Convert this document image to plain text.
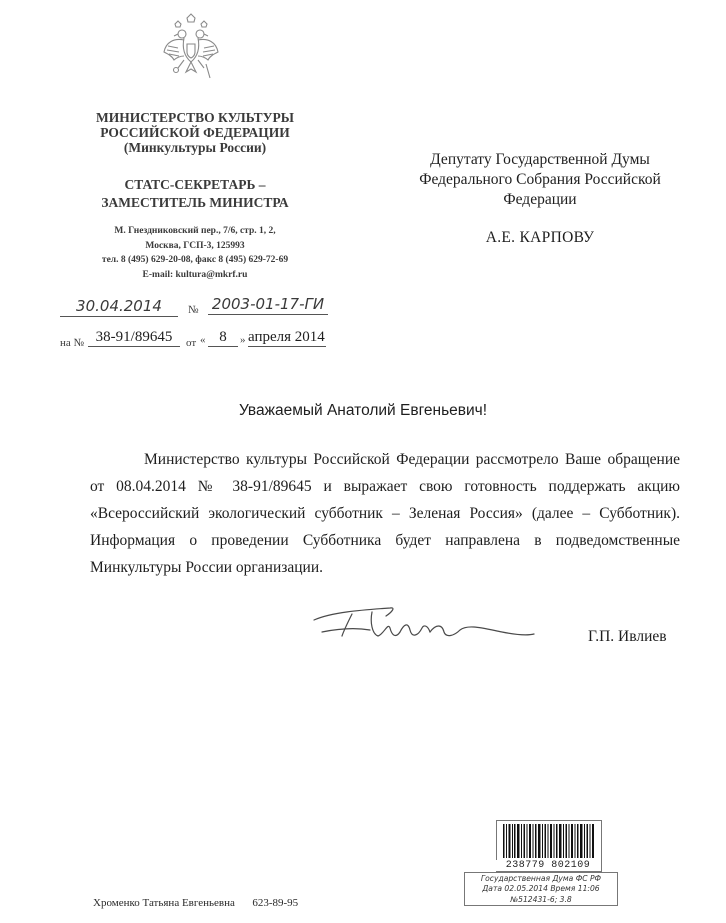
МИНИСТЕРСТВО КУЛЬТУРЫ
РОССИЙСКОЙ ФЕДЕРАЦИИ
(Минкультуры России)
СТАТС-СЕКРЕТАРЬ –
ЗАМЕСТИТЕЛЬ МИНИСТРА
М. Гнездниковский пер., 7/6, стр. 1, 2,
Москва, ГСП-3, 125993
тел. 8 (495) 629-20-08, факс 8 (495) 629-72-69
E-mail: kultura@mkrf.ru
Депутату Государственной Думы
Федерального Собрания Российской
Федерации
А.Е. КАРПОВУ
30.04.2014	№ 2003-01-17-ГИ
на № 38-91/89645	от « 8	» апреля 2014
Уважаемый Анатолий Евгеньевич!
Министерство культуры Российской Федерации рассмотрело Ваше обращение от 08.04.2014 № 38-91/89645 и выражает свою готовность поддержать акцию «Всероссийский экологический субботник – Зеленая Россия» (далее – Субботник). Информация о проведении Субботника будет направлена в подведомственные Минкультуры России организации.
Г.П. Ивлиев
238779 802109
Государственная Дума ФС РФ
Дата 02.05.2014 Время 11:06
№512431-6; 3.8
Хроменко Татьяна Евгеньевна 623-89-95
